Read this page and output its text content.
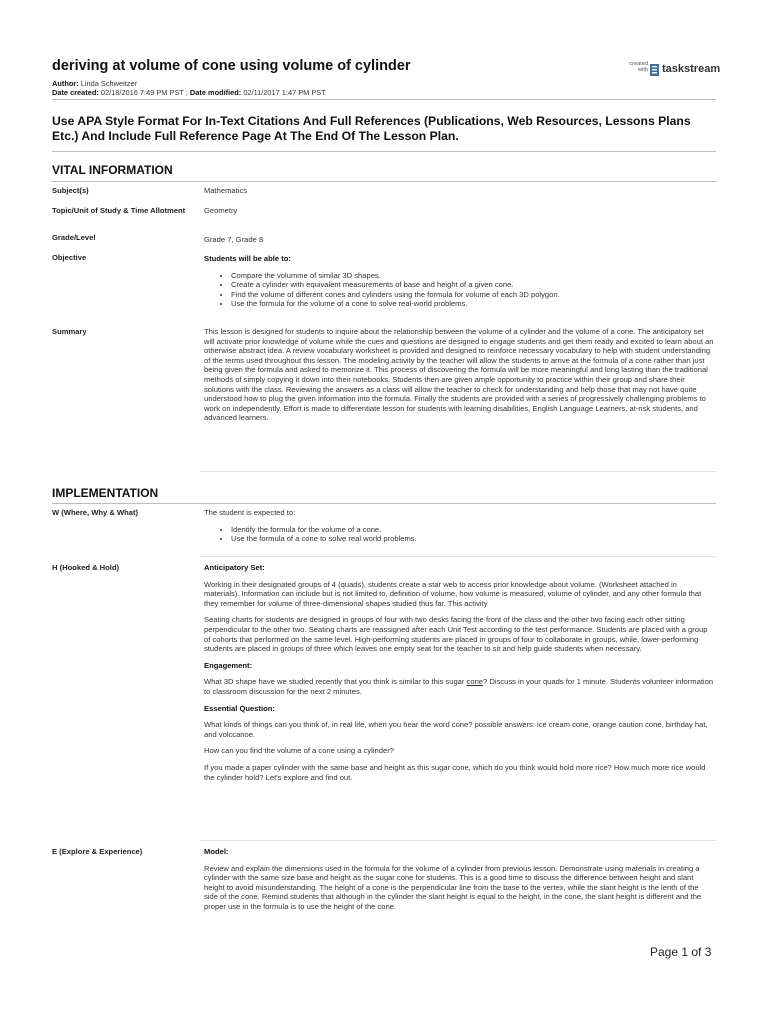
deriving at volume of cone using volume of cylinder
Author: Linda Schweitzer
Date created: 02/18/2016 7:49 PM PST ; Date modified: 02/11/2017 1:47 PM PST
created
with taskstream

Use APA Style Format For In-Text Citations And Full References (Publications, Web Resources, Lessons Plans Etc.) And Include Full Reference Page At The End Of The Lesson Plan.

VITAL INFORMATION
Subject(s)	Mathematics
Topic/Unit of Study & Time Allotment	Geometry
Grade/Level	Grade 7, Grade 8
Objective	Students will be able to:

• Compare the volumme of similar 3D shapes.
• Create a cylinder with equivalent measurements of base and height of a given cone.
• Find the volume of different cones and cylinders using the formula for volume of each 3D polygon.
• Use the formula for the volume of a cone to solve real-world problems.
Summary	This lesson is designed for students to inquire about the relationship between the volume of a cylinder and the volume of a cone. The anticipatory set will activate prior knowledge of volume while the cues and questions are designed to engage students and get them ready and excited to learn about an otherwise abstract idea. A review vocabulary worksheet is provided and designed to reinforce necessary vocabulary to help with student understanding of the terms used throughout this lesson. The modeling activity by the teacher will allow the students to arrive at the formula of a cone rather than just being given the formula and asked to memorize it. This process of discovering the formula will be more meaningful and long lasting than the traditional methods of simply copying it down into their notebooks. Students then are given ample opportunity to practice within their group and share their solutions with the class. Reviewing the answers as a class will allow the teacher to check for understanding and help those that may not have quite understood how to plug the given information into the formula. Finally the students are provided with a series of progressively challenging problems to work on independently. Effort is made to differentiate lesson for students with learning disabilities, English Language Learners, at-risk students, and advanced learners.
IMPLEMENTATION
W (Where, Why & What)	The student is expected to:

• Identify the formula for the volume of a cone.
• Use the formula of a cone to solve real world problems.
H (Hooked & Hold)	Anticipatory Set:

Working in their designated groups of 4 (quads), students create a star web to access prior knowledge about volume. (Worksheet attached in materials). Information can include but is not limited to, definition of volume, how volume is measured, volume of cylinder, and any other formula that they remember for volume of three-dimensional shapes studied thus far. This activity

Seating charts for students are designed in groups of four with two desks facing the front of the class and the other two facing each other sitting perpendicular to the other two. Seating charts are reassigned after each Unit Test according to the test performance. Students are placed with a group of cohorts that performed on the same level. High-performing students are placed in groups of four to collaborate in groups, while, lower-performing students are placed in groups of three which leaves one empty seat for the teacher to sit and help guide students when necessary.

Engagement:

What 3D shape have we studied recently that you think is similar to this sugar cone? Discuss in your quads for 1 minute. Students volunteer information to classroom discussion for the next 2 minutes.

Essential Question:

What kinds of things can you think of, in real life, when you hear the word cone? possible answers: ice cream cone, orange caution cone, birthday hat, and volccanoe.

How can you find the volume of a cone using a cylinder?

If you made a paper cylinder with the same base and height as this sugar cone, which do you think would hold more rice? How much more rice would the cylinder hold? Let's explore and find out.

E (Explore & Experience)	Model:

Review and explain the dimensions used in the formula for the volume of a cylinder from previous lesson. Demonstrate using materials in creating a cylinder with the same size base and height as the sugar cone for students. This is a good time to discuss the difference between height and slant height to avoid misunderstanding. The height of a cone is the perpendicular line from the base to the vertex, while the slant height is the lenth of the side of the cone. Remind students that although in the cylinder the slant height is equal to the height, in the cone, the slant height is different and the proper use in the formula is to use the height of the cone.

Page 1 of 3
